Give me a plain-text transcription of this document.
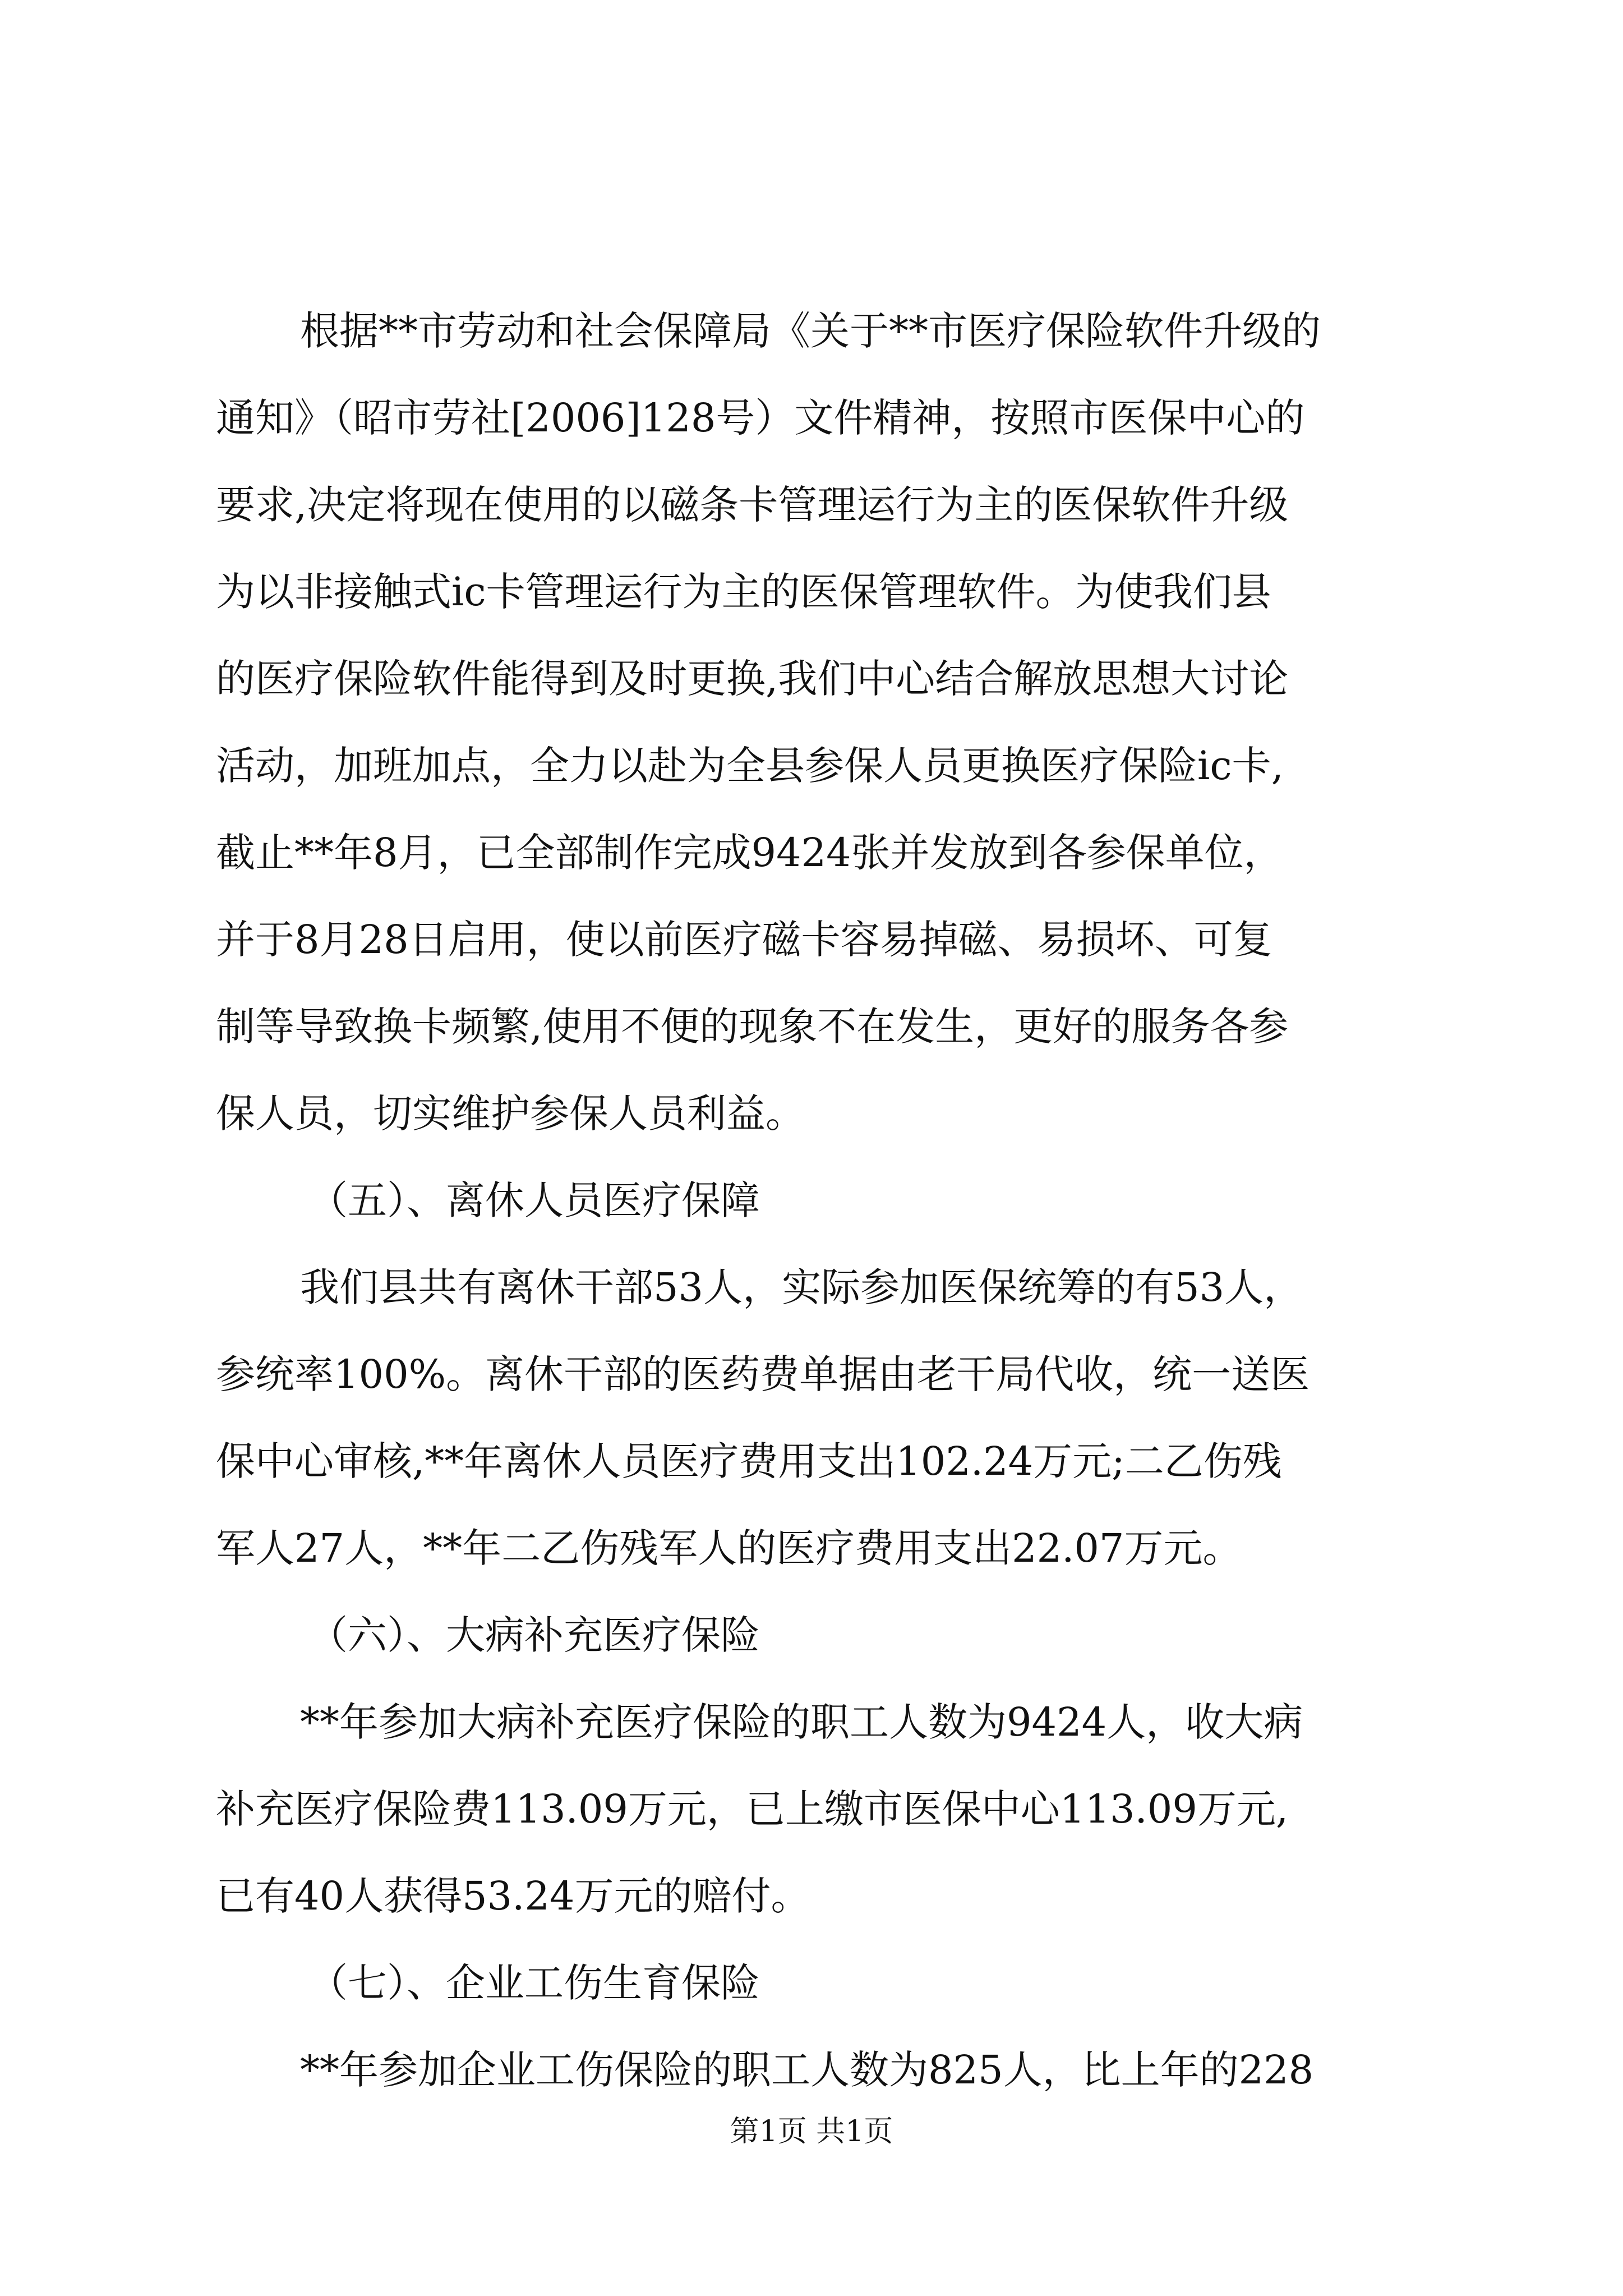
根据**市劳动和社会保障局《关于**市医疗保险软件升级的
通知》（昭市劳社[2006]128号）文件精神，按照市医保中心的
要求,决定将现在使用的以磁条卡管理运行为主的医保软件升级
为以非接触式ic卡管理运行为主的医保管理软件。为使我们县
的医疗保险软件能得到及时更换,我们中心结合解放思想大讨论
活动，加班加点，全力以赴为全县参保人员更换医疗保险ic卡,
截止**年8月，已全部制作完成9424张并发放到各参保单位，
并于8月28日启用，使以前医疗磁卡容易掉磁、易损坏、可复
制等导致换卡频繁,使用不便的现象不在发生，更好的服务各参
保人员，切实维护参保人员利益。
（五）、离休人员医疗保障
我们县共有离休干部53人，实际参加医保统筹的有53人，
参统率100%。离休干部的医药费单据由老干局代收，统一送医
保中心审核,**年离休人员医疗费用支出102.24万元;二乙伤残
军人27人，**年二乙伤残军人的医疗费用支出22.07万元。
（六）、大病补充医疗保险
**年参加大病补充医疗保险的职工人数为9424人，收大病
补充医疗保险费113.09万元，已上缴市医保中心113.09万元,
已有40人获得53.24万元的赔付。
（七）、企业工伤生育保险
**年参加企业工伤保险的职工人数为825人，比上年的228
第1页 共1页
